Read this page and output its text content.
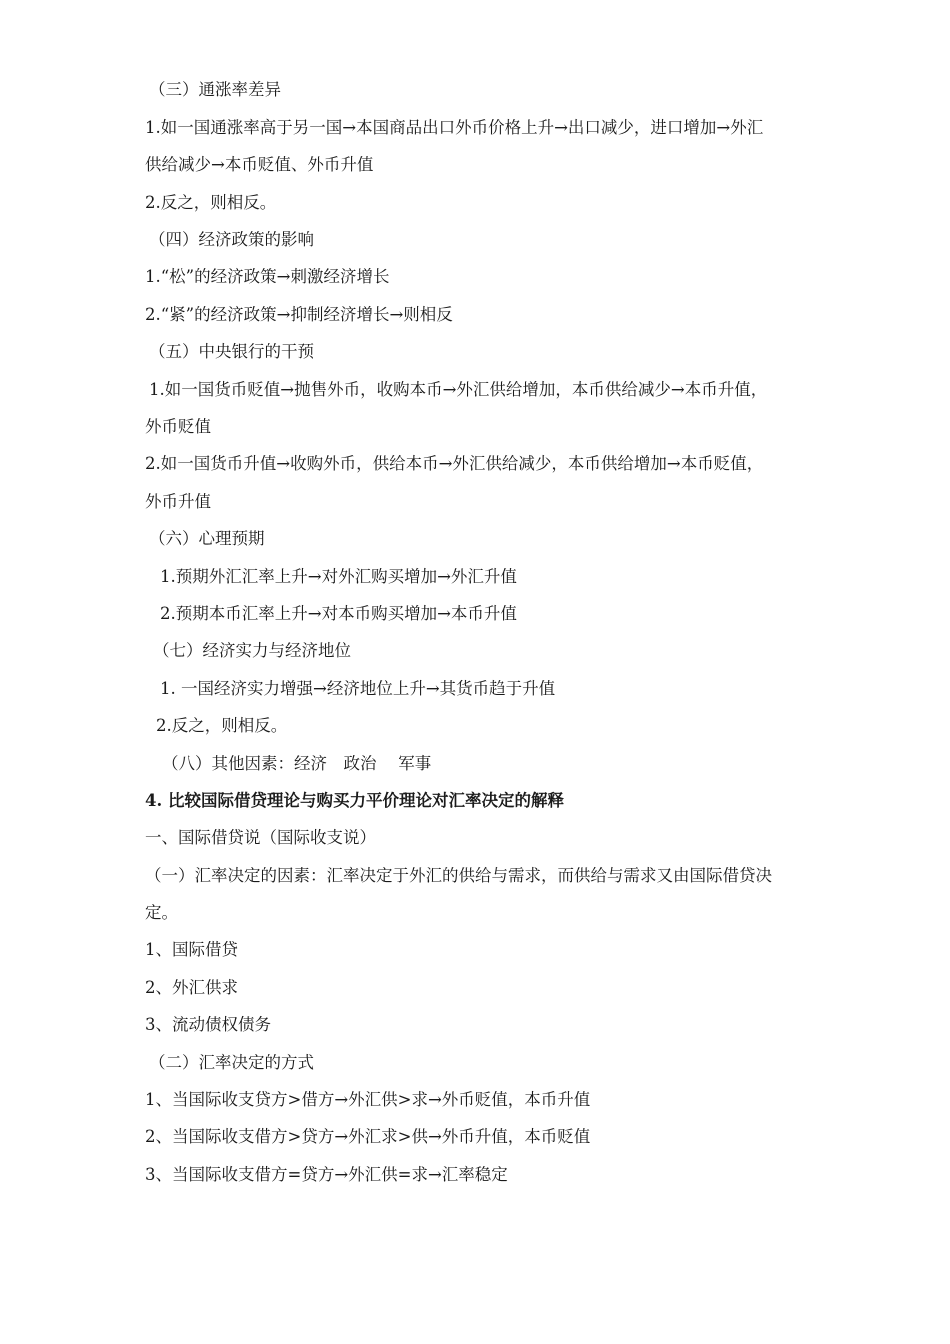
（三）通涨率差异
1.如一国通涨率高于另一国→本国商品出口外币价格上升→出口减少，进口增加→外汇
供给减少→本币贬值、外币升值
2.反之，则相反。
（四）经济政策的影响
1.“松”的经济政策→刺激经济增长
2.“紧”的经济政策→抑制经济增长→则相反
（五）中央银行的干预
1.如一国货币贬值→抛售外币，收购本币→外汇供给增加，本币供给减少→本币升值，
外币贬值
2.如一国货币升值→收购外币，供给本币→外汇供给减少，本币供给增加→本币贬值，
外币升值
（六）心理预期
1.预期外汇汇率上升→对外汇购买增加→外汇升值
2.预期本币汇率上升→对本币购买增加→本币升值
（七）经济实力与经济地位
1. 一国经济实力增强→经济地位上升→其货币趋于升值
2.反之，则相反。
（八）其他因素：经济　政治　 军事
4. 比较国际借贷理论与购买力平价理论对汇率决定的解释
一、国际借贷说（国际收支说）
（一）汇率决定的因素：汇率决定于外汇的供给与需求，而供给与需求又由国际借贷决
定。
1、国际借贷
2、外汇供求
3、流动债权债务
（二）汇率决定的方式
1、当国际收支贷方>借方→外汇供>求→外币贬值，本币升值
2、当国际收支借方>贷方→外汇求>供→外币升值，本币贬值
3、当国际收支借方=贷方→外汇供=求→汇率稳定
